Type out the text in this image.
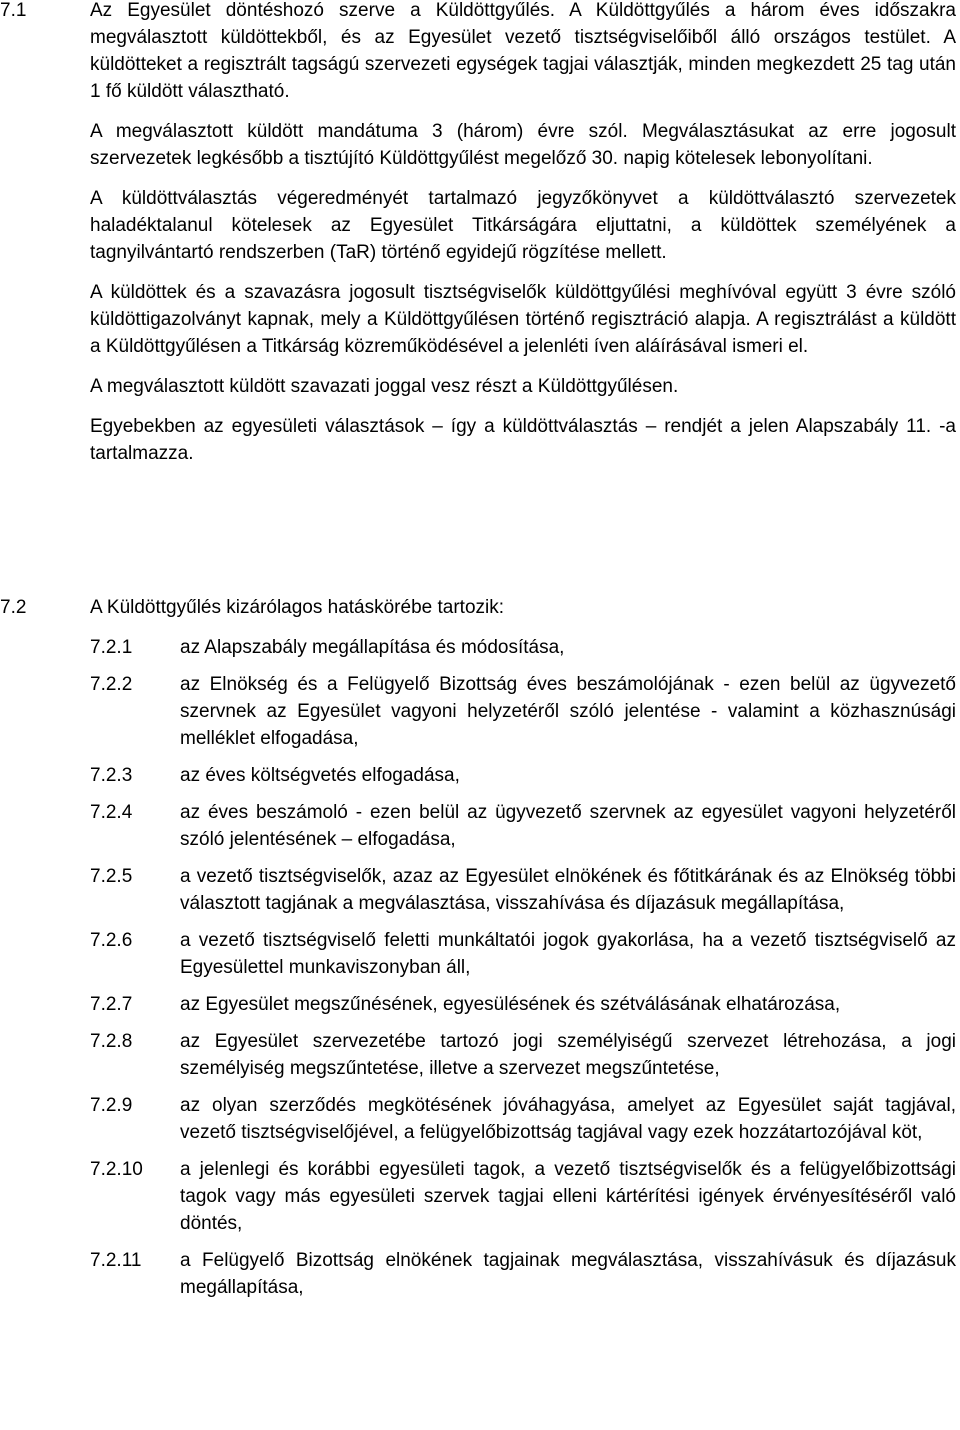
7.1	Az Egyesület döntéshozó szerve a Küldöttgyűlés. A Küldöttgyűlés a három éves időszakra megválasztott küldöttekből, és az Egyesület vezető tisztségviselőiből álló országos testület. A küldötteket a regisztrált tagságú szervezeti egységek tagjai választják, minden megkezdett 25 tag után 1 fő küldött választható.

A megválasztott küldött mandátuma 3 (három) évre szól. Megválasztásukat az erre jogosult szervezetek legkésőbb a tisztújító Küldöttgyűlést megelőző 30. napig kötelesek lebonyolítani.

A küldöttválasztás végeredményét tartalmazó jegyzőkönyvet a küldöttválasztó szervezetek haladéktalanul kötelesek az Egyesület Titkárságára eljuttatni, a küldöttek személyének a tagnyilvántartó rendszerben (TaR) történő egyidejű rögzítése mellett.

A küldöttek és a szavazásra jogosult tisztségviselők küldöttgyűlési meghívóval együtt 3 évre szóló küldöttigazolványt kapnak, mely a Küldöttgyűlésen történő regisztráció alapja. A regisztrálást a küldött a Küldöttgyűlésen a Titkárság közreműködésével a jelenléti íven aláírásával ismeri el.

A megválasztott küldött szavazati joggal vesz részt a Küldöttgyűlésen.

Egyebekben az egyesületi választások – így a küldöttválasztás – rendjét a jelen Alapszabály 11. -a tartalmazza.

7.2	A Küldöttgyűlés kizárólagos hatáskörébe tartozik:

7.2.1	az Alapszabály megállapítása és módosítása,
7.2.2	az Elnökség és a Felügyelő Bizottság éves beszámolójának - ezen belül az ügyvezető szervnek az Egyesület vagyoni helyzetéről szóló jelentése - valamint a közhasznúsági melléklet elfogadása,
7.2.3	az éves költségvetés elfogadása,
7.2.4	az éves beszámoló - ezen belül az ügyvezető szervnek az egyesület vagyoni helyzetéről szóló jelentésének – elfogadása,
7.2.5	a vezető tisztségviselők, azaz az Egyesület elnökének és főtitkárának és az Elnökség többi választott tagjának a megválasztása, visszahívása és díjazásuk megállapítása,
7.2.6	a vezető tisztségviselő feletti munkáltatói jogok gyakorlása, ha a vezető tisztségviselő az Egyesülettel munkaviszonyban áll,
7.2.7	az Egyesület megszűnésének, egyesülésének és szétválásának elhatározása,
7.2.8	az Egyesület szervezetébe tartozó jogi személyiségű szervezet létrehozása, a jogi személyiség megszűntetése, illetve a szervezet megszűntetése,
7.2.9	az olyan szerződés megkötésének jóváhagyása, amelyet az Egyesület saját tagjával, vezető tisztségviselőjével, a felügyelőbizottság tagjával vagy ezek hozzátartozójával köt,
7.2.10	a jelenlegi és korábbi egyesületi tagok, a vezető tisztségviselők és a felügyelőbizottsági tagok vagy más egyesületi szervek tagjai elleni kártérítési igények érvényesítéséről való döntés,
7.2.11	a Felügyelő Bizottság elnökének tagjainak megválasztása, visszahívásuk és díjazásuk megállapítása,
